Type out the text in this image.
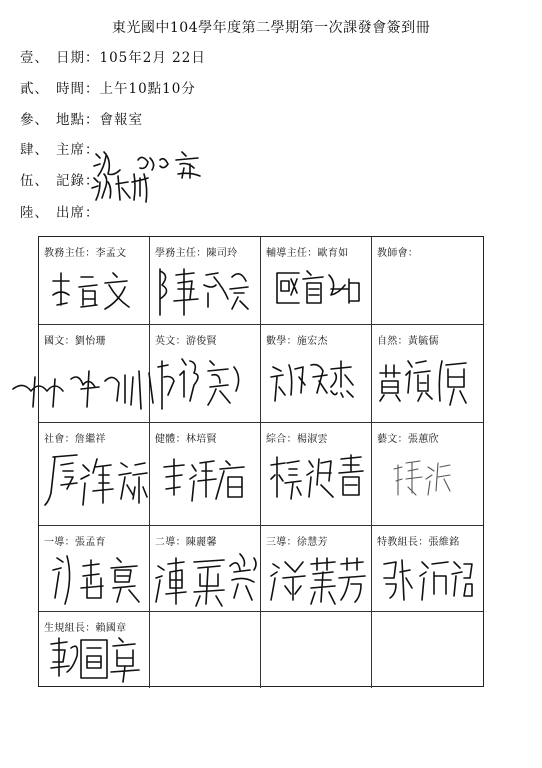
東光國中104學年度第二學期第一次課發會簽到冊
壹、 日期：105年2月 22日
貳、 時間：上午10點10分
參、 地點：會報室
肆、 主席：
伍、 記錄：
陸、 出席：
教務主任：李孟文	學務主任：陳司玲	輔導主任：歐育如	教師會：
國文：劉怡珊	英文：游俊賢	數學：施宏杰	自然：黃毓儒
社會：詹繼祥	健體：林培賢	綜合：楊淑雲	藝文：張蕙欣
一導：張孟育	二導：陳麗馨	三導：徐慧芳	特教組長：張維銘
生規組長：賴國章
